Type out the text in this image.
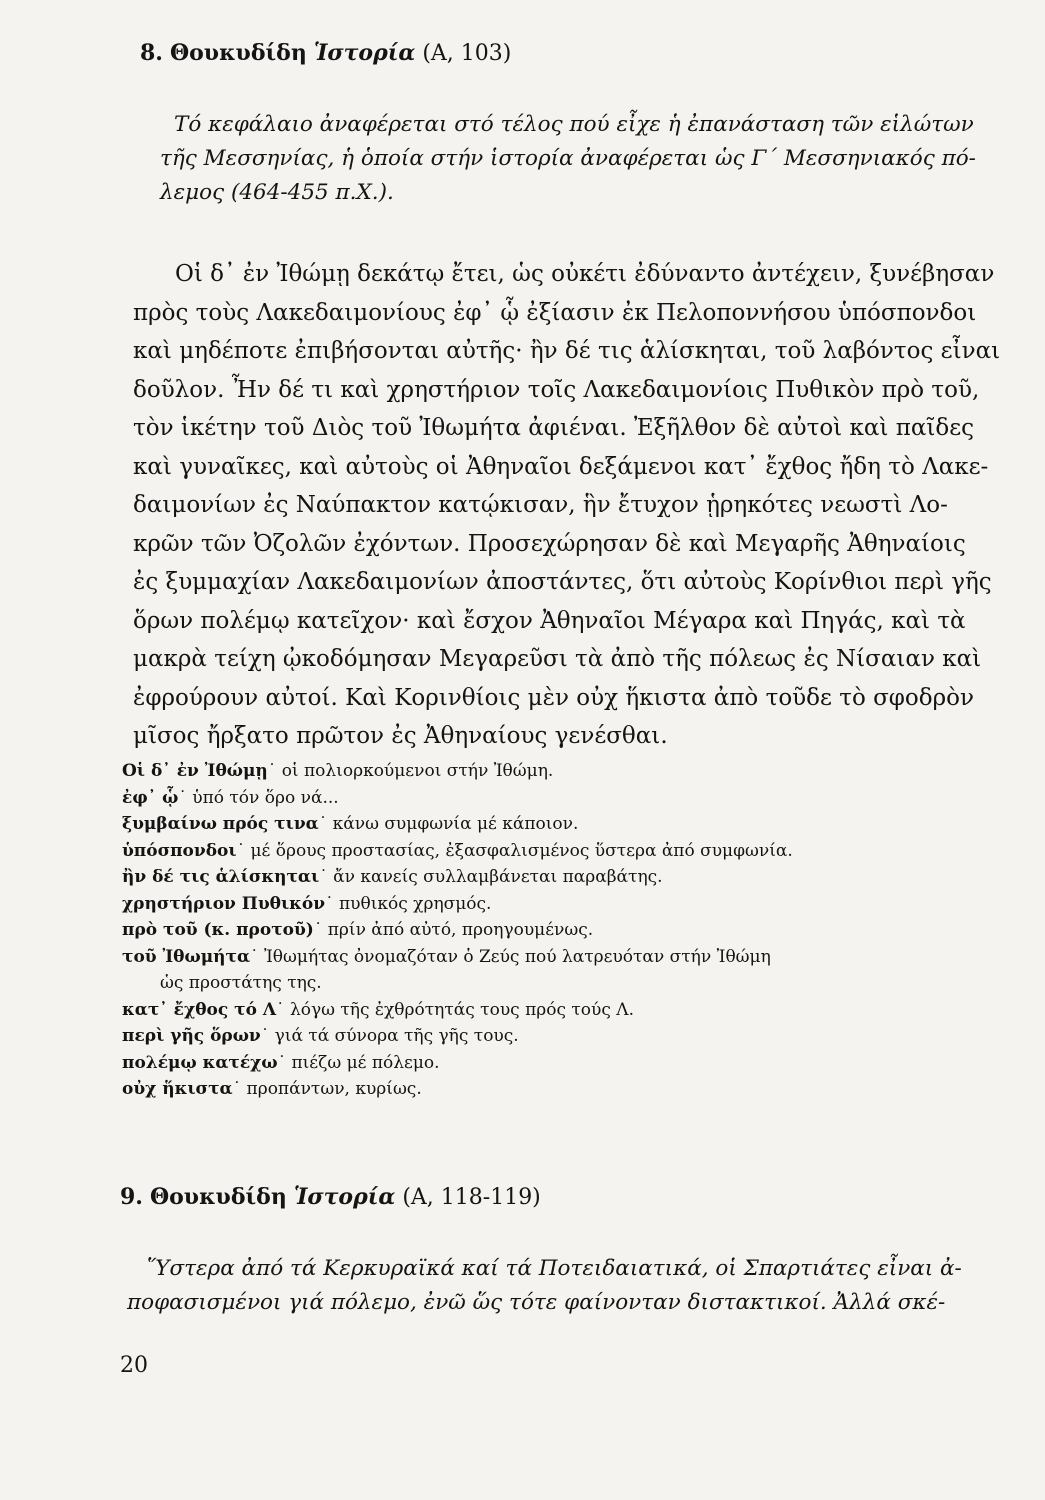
8. Θουκυδίδη Ἱστορία (Α, 103)
Τό κεφάλαιο ἀναφέρεται στό τέλος πού εἶχε ἡ ἐπανάσταση τῶν εἱλώτων
τῆς Μεσσηνίας, ἡ ὁποία στήν ἱστορία ἀναφέρεται ὡς Γ΄ Μεσσηνιακός πό-
λεμος (464-455 π.Χ.).
Οἱ δ᾽ ἐν Ἰθώμῃ δεκάτῳ ἔτει, ὡς οὐκέτι ἐδύναντο ἀντέχειν, ξυνέβησαν
πρὸς τοὺς Λακεδαιμονίους ἐφ᾽ ᾧ ἐξίασιν ἐκ Πελοποννήσου ὑπόσπονδοι
καὶ μηδέποτε ἐπιβήσονται αὐτῆς· ἢν δέ τις ἁλίσκηται, τοῦ λαβόντος εἶναι
δοῦλον. Ἦν δέ τι καὶ χρηστήριον τοῖς Λακεδαιμονίοις Πυθικὸν πρὸ τοῦ,
τὸν ἱκέτην τοῦ Διὸς τοῦ Ἰθωμήτα ἀφιέναι. Ἐξῆλθον δὲ αὐτοὶ καὶ παῖδες
καὶ γυναῖκες, καὶ αὐτοὺς οἱ Ἀθηναῖοι δεξάμενοι κατ᾽ ἔχθος ἤδη τὸ Λακε-
δαιμονίων ἐς Ναύπακτον κατῴκισαν, ἣν ἔτυχον ᾑρηκότες νεωστὶ Λο-
κρῶν τῶν Ὀζολῶν ἐχόντων. Προσεχώρησαν δὲ καὶ Μεγαρῆς Ἀθηναίοις
ἐς ξυμμαχίαν Λακεδαιμονίων ἀποστάντες, ὅτι αὐτοὺς Κορίνθιοι περὶ γῆς
ὅρων πολέμῳ κατεῖχον· καὶ ἔσχον Ἀθηναῖοι Μέγαρα καὶ Πηγάς, καὶ τὰ
μακρὰ τείχη ᾠκοδόμησαν Μεγαρεῦσι τὰ ἀπὸ τῆς πόλεως ἐς Νίσαιαν καὶ
ἐφρούρουν αὐτοί. Καὶ Κορινθίοις μὲν οὐχ ἥκιστα ἀπὸ τοῦδε τὸ σφοδρὸν
μῖσος ἤρξατο πρῶτον ἐς Ἀθηναίους γενέσθαι.
Οἱ δ᾽ ἐν Ἰθώμῃ˙ οἱ πολιορκούμενοι στήν Ἰθώμη.
ἐφ᾽ ᾧ˙ ὑπό τόν ὅρο νά...
ξυμβαίνω πρός τινα˙ κάνω συμφωνία μέ κάποιον.
ὑπόσπονδοι˙ μέ ὅρους προστασίας, ἐξασφαλισμένος ὕστερα ἀπό συμφωνία.
ἢν δέ τις ἁλίσκηται˙ ἄν κανείς συλλαμβάνεται παραβάτης.
χρηστήριον Πυθικόν˙ πυθικός χρησμός.
πρὸ τοῦ (κ. προτοῦ)˙ πρίν ἀπό αὐτό, προηγουμένως.
τοῦ Ἰθωμήτα˙ Ἰθωμήτας ὀνομαζόταν ὁ Ζεύς πού λατρευόταν στήν Ἰθώμη
ὡς προστάτης της.
κατ᾽ ἔχθος τό Λ˙ λόγω τῆς ἐχθρότητάς τους πρός τούς Λ.
περὶ γῆς ὅρων˙ γιά τά σύνορα τῆς γῆς τους.
πολέμῳ κατέχω˙ πιέζω μέ πόλεμο.
οὐχ ἥκιστα˙ προπάντων, κυρίως.
9. Θουκυδίδη Ἱστορία (Α, 118-119)
Ὕστερα ἀπό τά Κερκυραϊκά καί τά Ποτειδαιατικά, οἱ Σπαρτιάτες εἶναι ἀ-
ποφασισμένοι γιά πόλεμο, ἐνῶ ὥς τότε φαίνονταν διστακτικοί. Ἀλλά σκέ-
20
